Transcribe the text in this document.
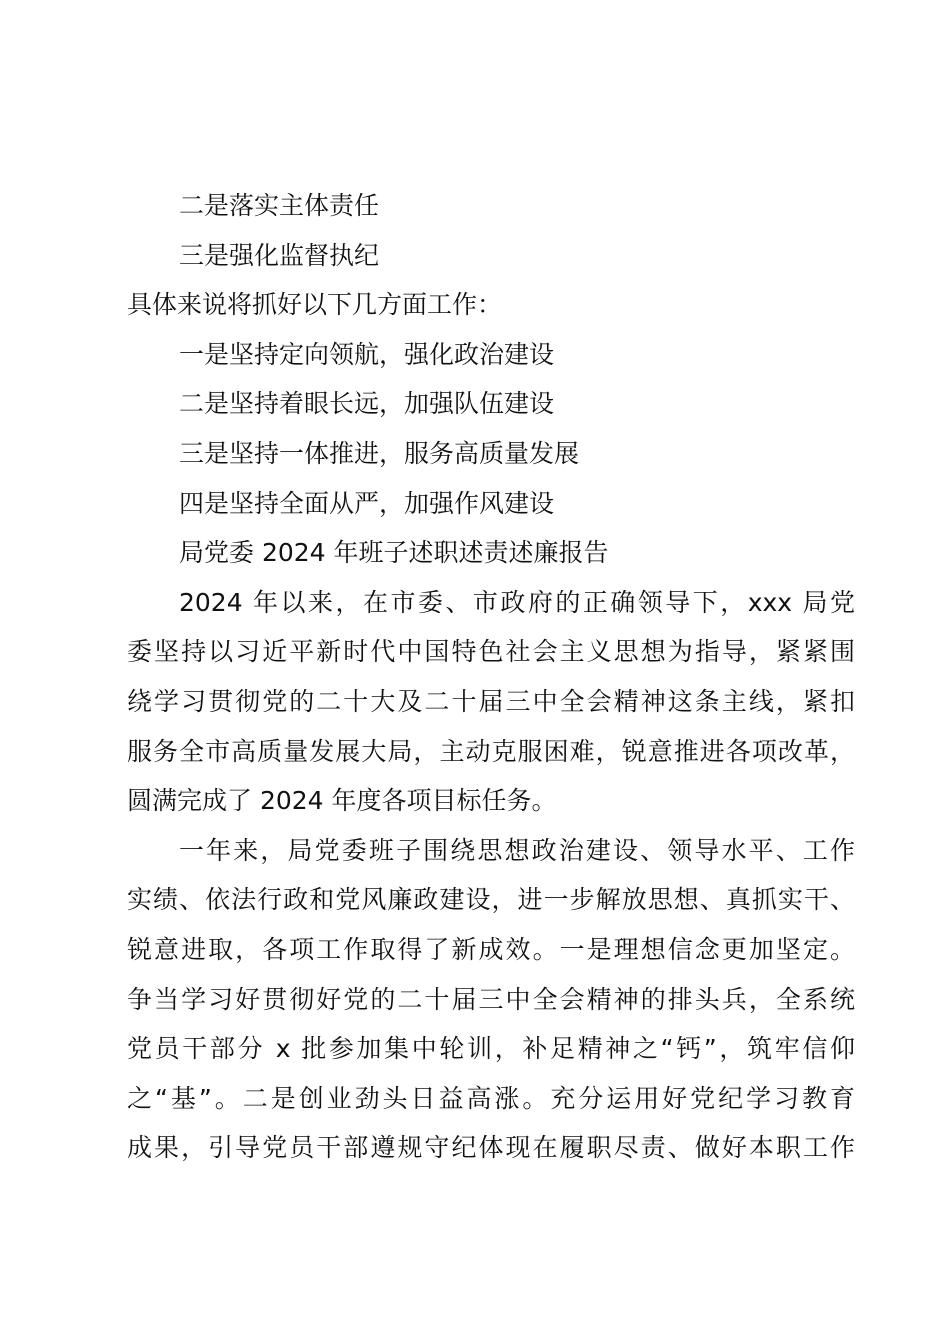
二是落实主体责任
三是强化监督执纪
具体来说将抓好以下几方面工作：
一是坚持定向领航，强化政治建设
二是坚持着眼长远，加强队伍建设
三是坚持一体推进，服务高质量发展
四是坚持全面从严，加强作风建设
局党委 2024 年班子述职述责述廉报告
2024 年以来，在市委、市政府的正确领导下，xxx 局党
委坚持以习近平新时代中国特色社会主义思想为指导，紧紧围
绕学习贯彻党的二十大及二十届三中全会精神这条主线，紧扣
服务全市高质量发展大局，主动克服困难，锐意推进各项改革，
圆满完成了 2024 年度各项目标任务。
一年来，局党委班子围绕思想政治建设、领导水平、工作
实绩、依法行政和党风廉政建设，进一步解放思想、真抓实干、
锐意进取，各项工作取得了新成效。一是理想信念更加坚定。
争当学习好贯彻好党的二十届三中全会精神的排头兵，全系统
党员干部分 x 批参加集中轮训，补足精神之“钙”，筑牢信仰
之“基”。二是创业劲头日益高涨。充分运用好党纪学习教育
成果，引导党员干部遵规守纪体现在履职尽责、做好本职工作
